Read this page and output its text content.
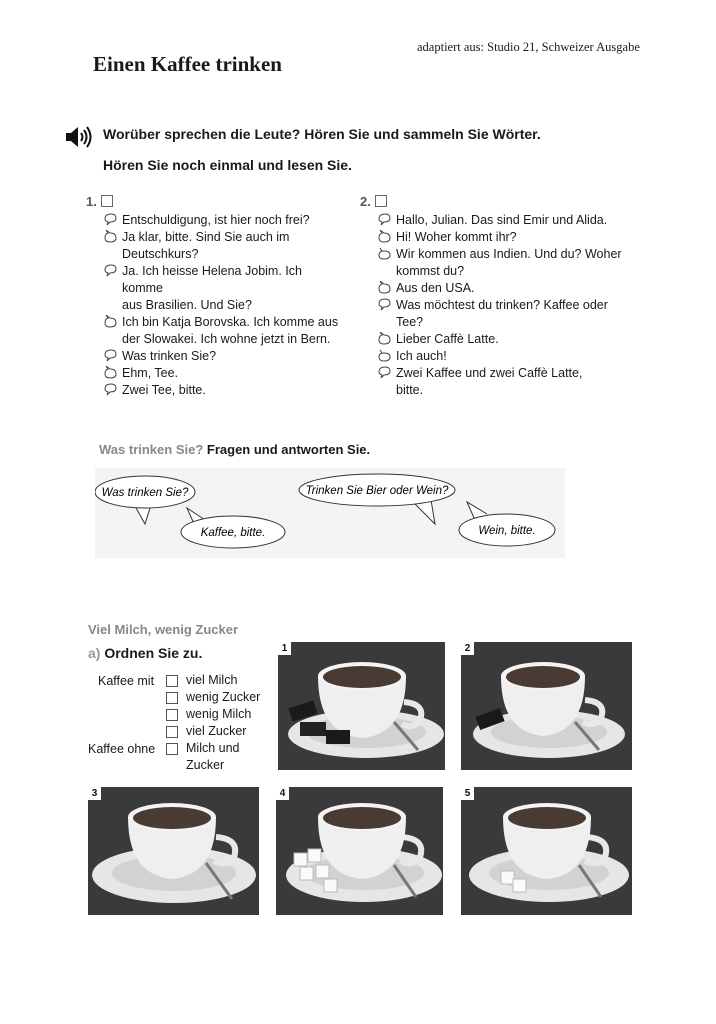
adaptiert aus: Studio 21, Schweizer Ausgabe
Einen Kaffee trinken
Worüber sprechen die Leute? Hören Sie und sammeln Sie Wörter.
Hören Sie noch einmal und lesen Sie.
1.
Entschuldigung, ist hier noch frei?
Ja klar, bitte. Sind Sie auch im
Deutschkurs?
Ja. Ich heisse Helena Jobim. Ich komme
aus Brasilien. Und Sie?
Ich bin Katja Borovska. Ich komme aus
der Slowakei. Ich wohne jetzt in Bern.
Was trinken Sie?
Ehm, Tee.
Zwei Tee, bitte.
2.
Hallo, Julian. Das sind Emir und Alida.
Hi! Woher kommt ihr?
Wir kommen aus Indien. Und du? Woher
kommst du?
Aus den USA.
Was möchtest du trinken? Kaffee oder Tee?
Lieber Caffè Latte.
Ich auch!
Zwei Kaffee und zwei Caffè Latte,
bitte.
Was trinken Sie? Fragen und antworten Sie.
Was trinken Sie?
Kaffee, bitte.
Trinken Sie Bier oder Wein?
Wein, bitte.
Viel Milch, wenig Zucker
a) Ordnen Sie zu.
Kaffee mit
Kaffee ohne
viel Milch
wenig Zucker
wenig Milch
viel Zucker
Milch und
Zucker
1	2
3	4	5
